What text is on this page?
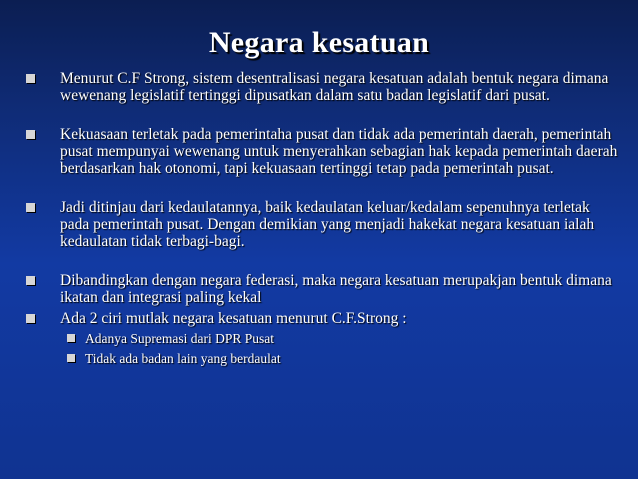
Negara kesatuan
Menurut C.F Strong, sistem desentralisasi negara kesatuan adalah bentuk negara dimana wewenang legislatif tertinggi dipusatkan dalam satu badan legislatif dari pusat.
Kekuasaan terletak pada pemerintaha pusat dan tidak ada pemerintah daerah, pemerintah pusat mempunyai wewenang untuk menyerahkan sebagian hak kepada pemerintah daerah berdasarkan hak otonomi, tapi kekuasaan tertinggi tetap pada pemerintah pusat.
Jadi ditinjau dari kedaulatannya, baik kedaulatan keluar/kedalam sepenuhnya terletak pada pemerintah pusat. Dengan demikian yang menjadi hakekat negara kesatuan ialah kedaulatan tidak terbagi-bagi.
Dibandingkan dengan negara federasi, maka negara kesatuan merupakjan bentuk dimana ikatan dan integrasi paling kekal
Ada 2 ciri mutlak negara kesatuan menurut C.F.Strong :
Adanya Supremasi dari DPR Pusat
Tidak ada badan lain yang berdaulat
